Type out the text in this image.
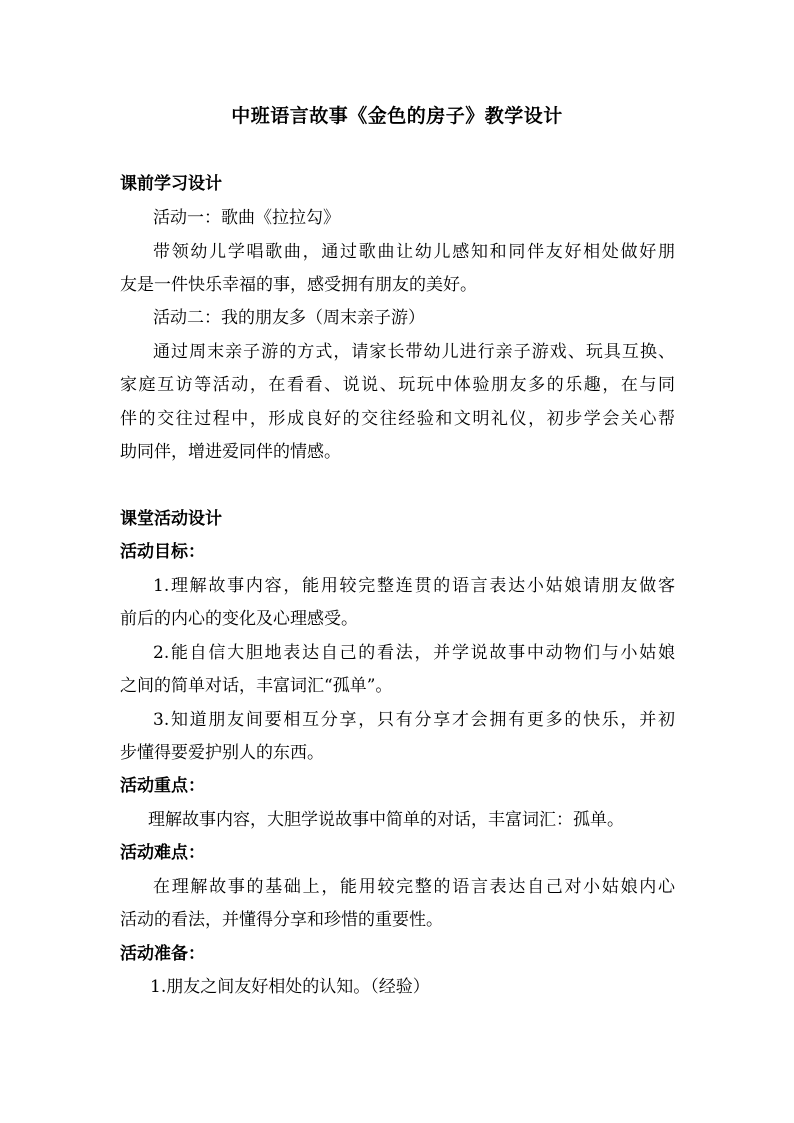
中班语言故事《金色的房子》教学设计
课前学习设计
活动一：歌曲《拉拉勾》
带领幼儿学唱歌曲，通过歌曲让幼儿感知和同伴友好相处做好朋
友是一件快乐幸福的事，感受拥有朋友的美好。
活动二：我的朋友多（周末亲子游）
通过周末亲子游的方式，请家长带幼儿进行亲子游戏、玩具互换、
家庭互访等活动，在看看、说说、玩玩中体验朋友多的乐趣，在与同
伴的交往过程中，形成良好的交往经验和文明礼仪，初步学会关心帮
助同伴，增进爱同伴的情感。
课堂活动设计
活动目标：
1.理解故事内容，能用较完整连贯的语言表达小姑娘请朋友做客
前后的内心的变化及心理感受。
2.能自信大胆地表达自己的看法，并学说故事中动物们与小姑娘
之间的简单对话，丰富词汇“孤单”。
3.知道朋友间要相互分享，只有分享才会拥有更多的快乐，并初
步懂得要爱护别人的东西。
活动重点：
理解故事内容，大胆学说故事中简单的对话，丰富词汇：孤单。
活动难点：
在理解故事的基础上，能用较完整的语言表达自己对小姑娘内心
活动的看法，并懂得分享和珍惜的重要性。
活动准备：
1.朋友之间友好相处的认知。（经验）
